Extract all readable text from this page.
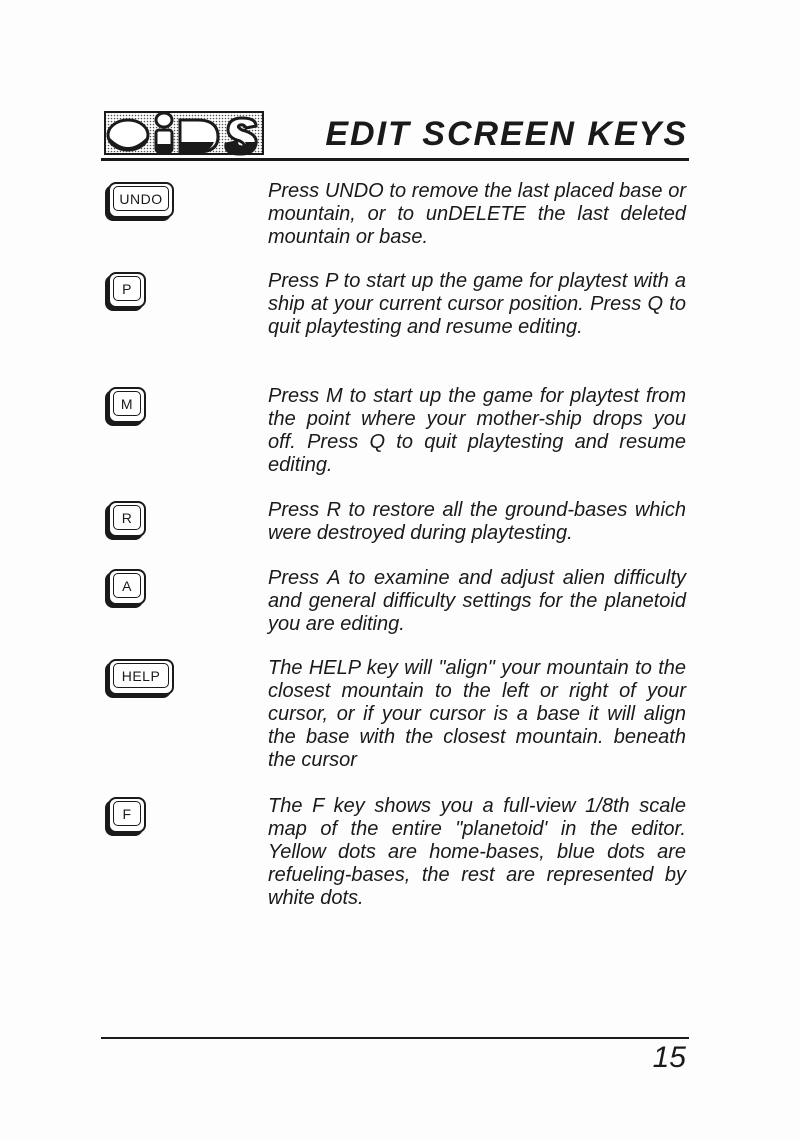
EDIT SCREEN KEYS
UNDO	Press UNDO to remove the last placed base or mountain, or to unDELETE the last deleted mountain or base.

P	Press P to start up the game for playtest with a ship at your current cursor position. Press Q to quit playtesting and resume editing.

M	Press M to start up the game for playtest from the point where your mother-ship drops you off. Press Q to quit playtesting and resume editing.

R	Press R to restore all the ground-bases which were destroyed during playtesting.

A	Press A to examine and adjust alien difficulty and general difficulty settings for the planetoid you are editing.

HELP	The HELP key will "align" your mountain to the closest mountain to the left or right of your cursor, or if your cursor is a base it will align the base with the closest mountain. beneath the cursor

F	The F key shows you a full-view 1/8th scale map of the entire "planetoid' in the editor. Yellow dots are home-bases, blue dots are refueling-bases, the rest are represented by white dots.

15
